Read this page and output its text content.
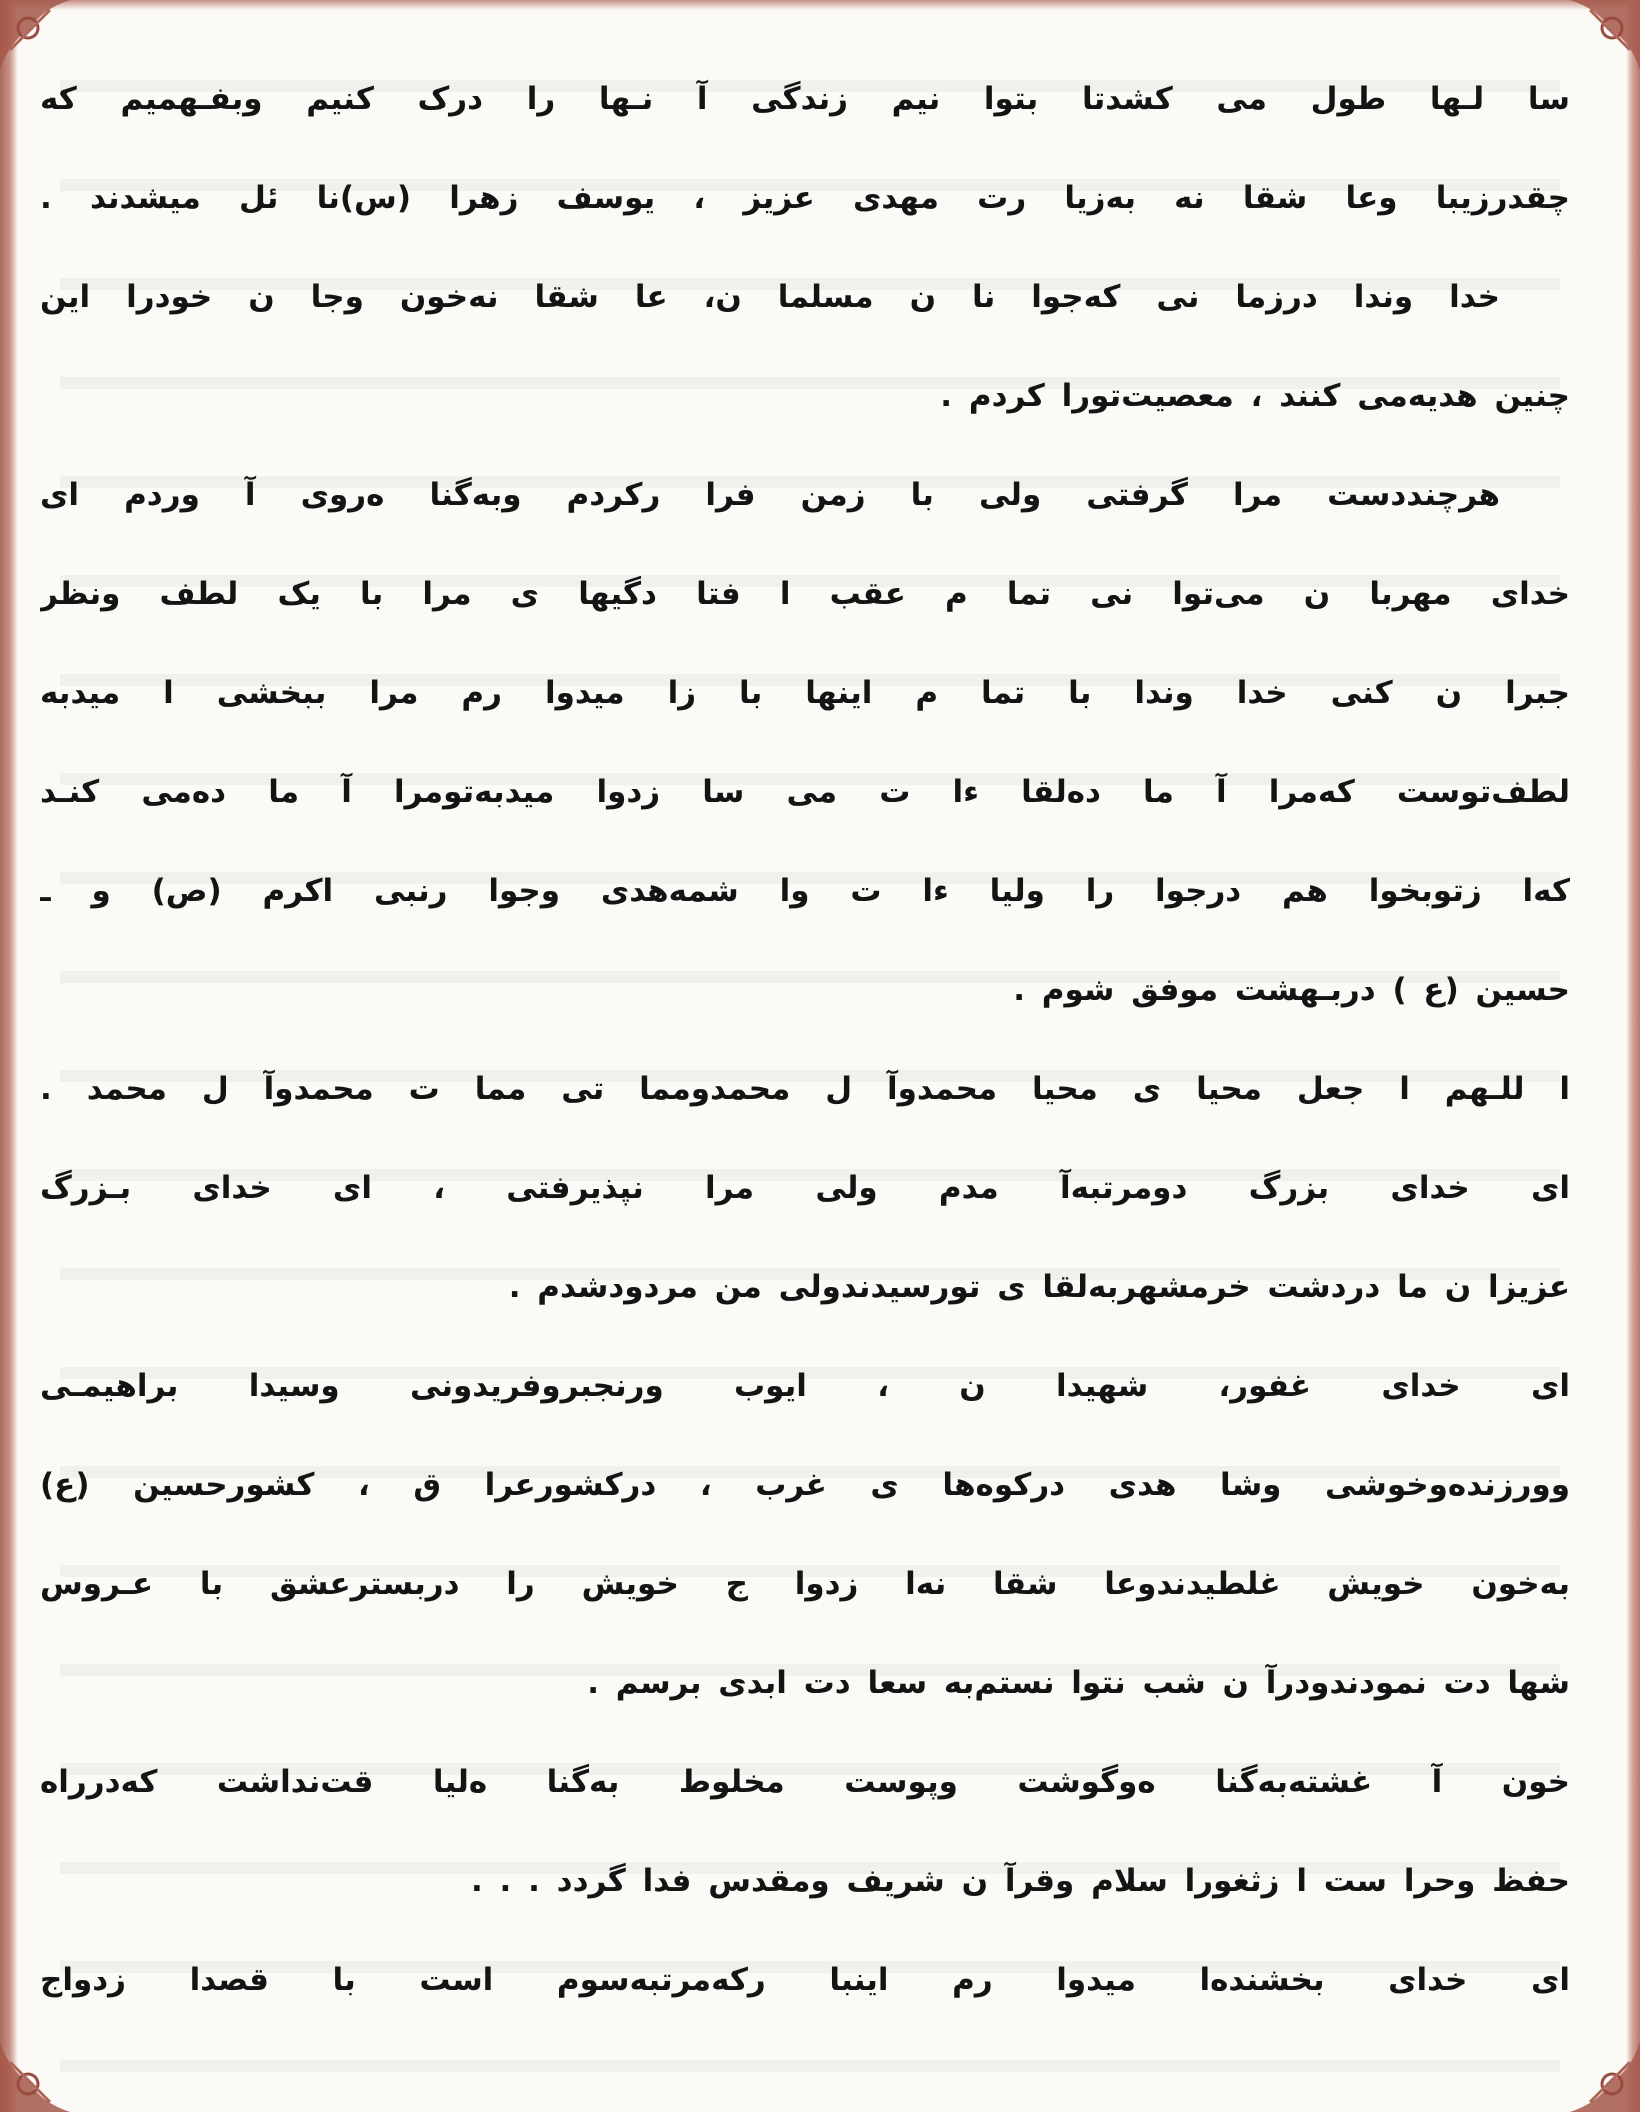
سا لـها طول مى كشدتا بتوا نيم زندگى آ نـها را درک كنيم وبفـهميم كه
چقدرزيبا وعا شقا نه به‌زيا رت مهدى عزيز ، يوسف زهرا (س)نا ئل ميشدند .
خدا وندا درزما نى كه‌جوا نا ن مسلما ن، عا شقا نه‌خون وجا ن خودرا اين
چنين هديه‌مى كنند ، معصيت‌تورا كردم .
هرچنددست مرا گرفتى ولى با زمن فرا ركردم وبه‌گنا ه‌روى آ وردم اى
خداى مهربا ن مى‌توا نى تما م عقب ا فتا دگيها ى مرا با يک لطف ونظر
جبرا ن كنى خدا وندا با تما م اينها با زا ميدوا رم مرا ببخشى ا ميدبه
لطف‌توست كه‌مرا آ ما ده‌لقا ءا ت مى سا زدوا ميدبه‌تومرا آ ما ده‌مى كنـد
كه‌ا زتوبخوا هم درجوا را وليا ءا ت وا شمه‌هدى وجوا رنبى اكرم (ص) و ـ
حسين (ع ) دربـهشت موفق شوم .
ا للـهم ا جعل محيا ى محيا محمدوآ ل محمدومما تى مما ت محمدوآ ل محمد .
اى خداى بزرگ دومرتبه‌آ مدم ولى مرا نپذيرفتى ، اى خداى بـزرگ
عزيزا ن ما دردشت خرمشهربه‌لقا ى تورسيدندولى من مردودشدم .
اى خداى غفور، شهيدا ن ، ايوب ورنجبروفريدونى وسيدا براهيمـى
وورزنده‌وخوشى وشا هدى دركوه‌ها ى غرب ، دركشورعرا ق ، كشورحسين (ع)
به‌خون خويش غلطيدندوعا شقا نه‌ا زدوا ج خويش را دربسترعشق با عـروس
شها دت نمودندودرآ ن شب نتوا نستم‌به سعا دت ابدى برسم .
خون آ غشته‌به‌گنا ه‌وگوشت وپوست مخلوط به‌گنا ه‌ليا قت‌نداشت كه‌درراه
حفظ وحرا ست ا زثغورا سلام وقرآ ن شريف ومقدس فدا گردد . . .
اى خداى بخشنده‌ا ميدوا رم اينبا ركه‌مرتبه‌سوم است با قصدا زدواج
